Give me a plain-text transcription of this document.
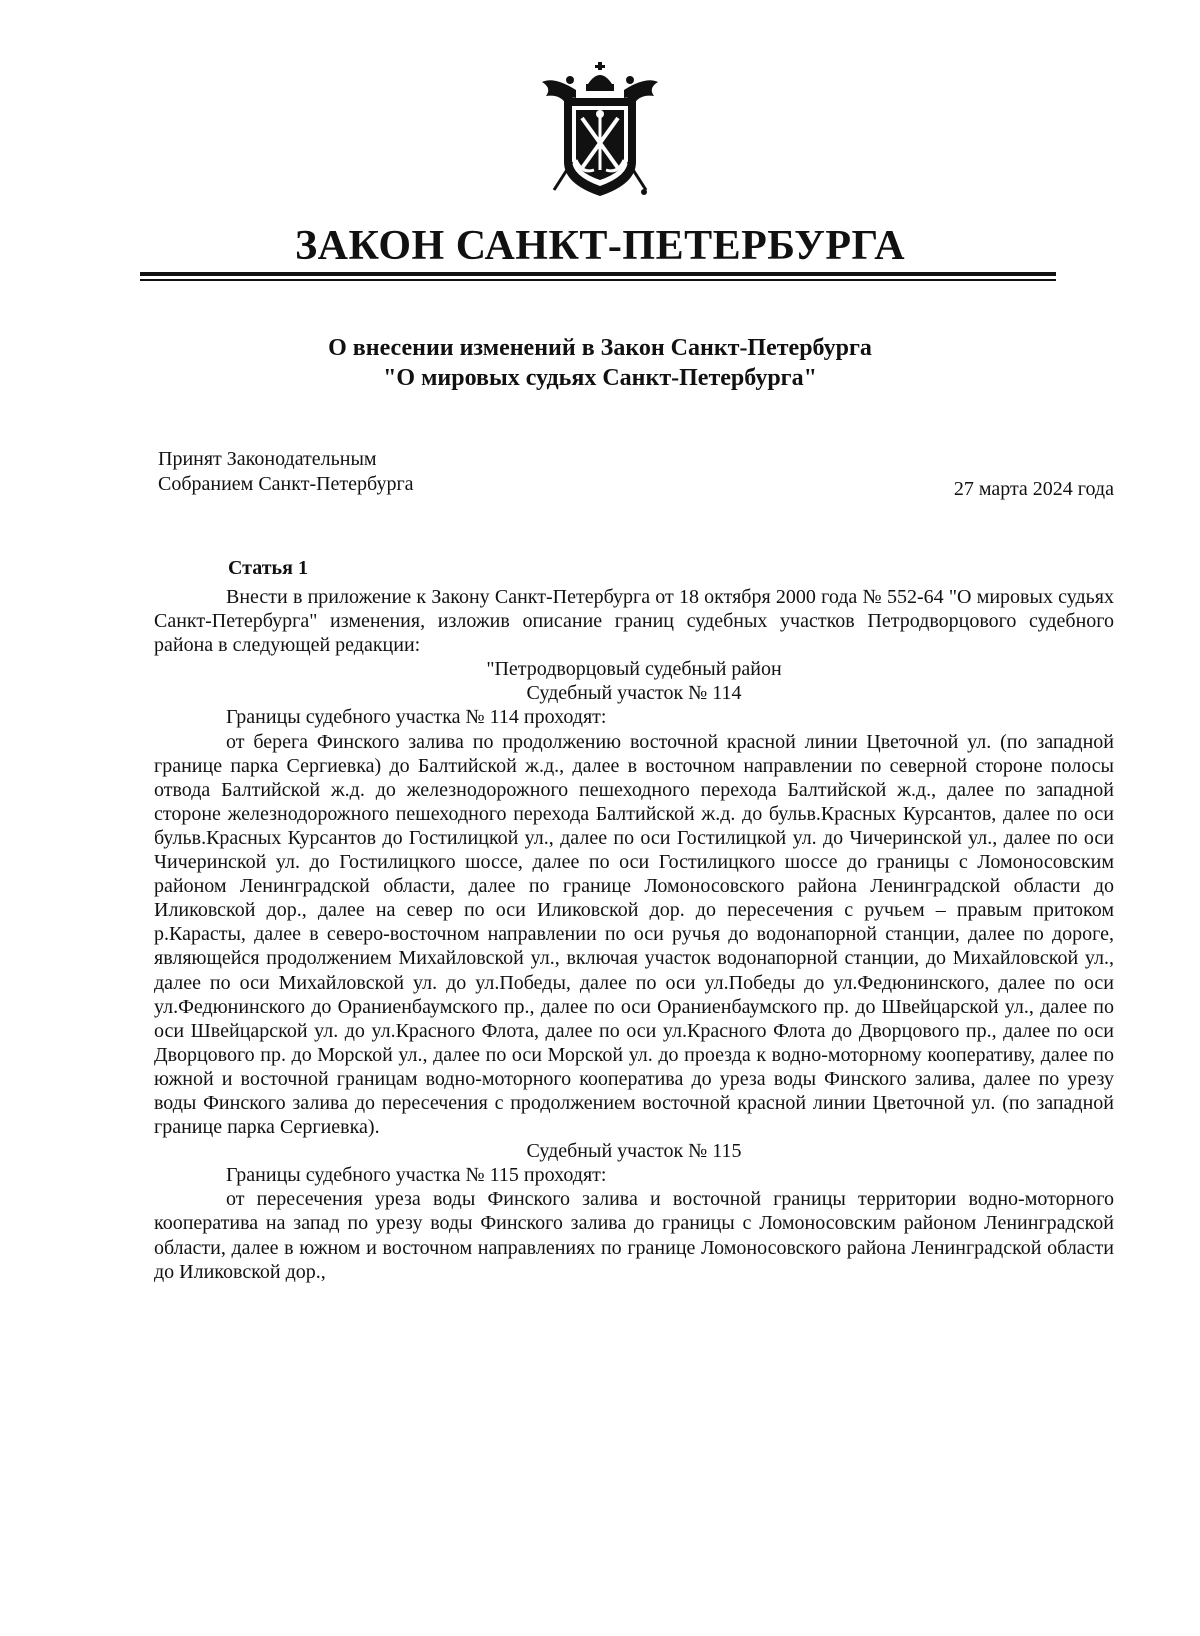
ЗАКОН САНКТ-ПЕТЕРБУРГА
О внесении изменений в Закон Санкт-Петербурга
"О мировых судьях Санкт-Петербурга"
Принят Законодательным
Собранием Санкт-Петербурга	27 марта 2024 года
Статья 1

Внести в приложение к Закону Санкт-Петербурга от 18 октября 2000 года № 552-64 "О мировых судьях Санкт-Петербурга" изменения, изложив описание границ судебных участков Петродворцового судебного района в следующей редакции:

"Петродворцовый судебный район

Судебный участок № 114

Границы судебного участка № 114 проходят:

от берега Финского залива по продолжению восточной красной линии Цветочной ул. (по западной границе парка Сергиевка) до Балтийской ж.д., далее в восточном направлении по северной стороне полосы отвода Балтийской ж.д. до железнодорожного пешеходного перехода Балтийской ж.д., далее по западной стороне железнодорожного пешеходного перехода Балтийской ж.д. до бульв.Красных Курсантов, далее по оси бульв.Красных Курсантов до Гостилицкой ул., далее по оси Гостилицкой ул. до Чичеринской ул., далее по оси Чичеринской ул. до Гостилицкого шоссе, далее по оси Гостилицкого шоссе до границы с Ломоносовским районом Ленинградской области, далее по границе Ломоносовского района Ленинградской области до Иликовской дор., далее на север по оси Иликовской дор. до пересечения с ручьем – правым притоком р.Карасты, далее в северо-восточном направлении по оси ручья до водонапорной станции, далее по дороге, являющейся продолжением Михайловской ул., включая участок водонапорной станции, до Михайловской ул., далее по оси Михайловской ул. до ул.Победы, далее по оси ул.Победы до ул.Федюнинского, далее по оси ул.Федюнинского до Ораниенбаумского пр., далее по оси Ораниенбаумского пр. до Швейцарской ул., далее по оси Швейцарской ул. до ул.Красного Флота, далее по оси ул.Красного Флота до Дворцового пр., далее по оси Дворцового пр. до Морской ул., далее по оси Морской ул. до проезда к водно-моторному кооперативу, далее по южной и восточной границам водно-моторного кооператива до уреза воды Финского залива, далее по урезу воды Финского залива до пересечения с продолжением восточной красной линии Цветочной ул. (по западной границе парка Сергиевка).

Судебный участок № 115

Границы судебного участка № 115 проходят:

от пересечения уреза воды Финского залива и восточной границы территории водно-моторного кооператива на запад по урезу воды Финского залива до границы с Ломоносовским районом Ленинградской области, далее в южном и восточном направлениях по границе Ломоносовского района Ленинградской области до Иликовской дор.,
